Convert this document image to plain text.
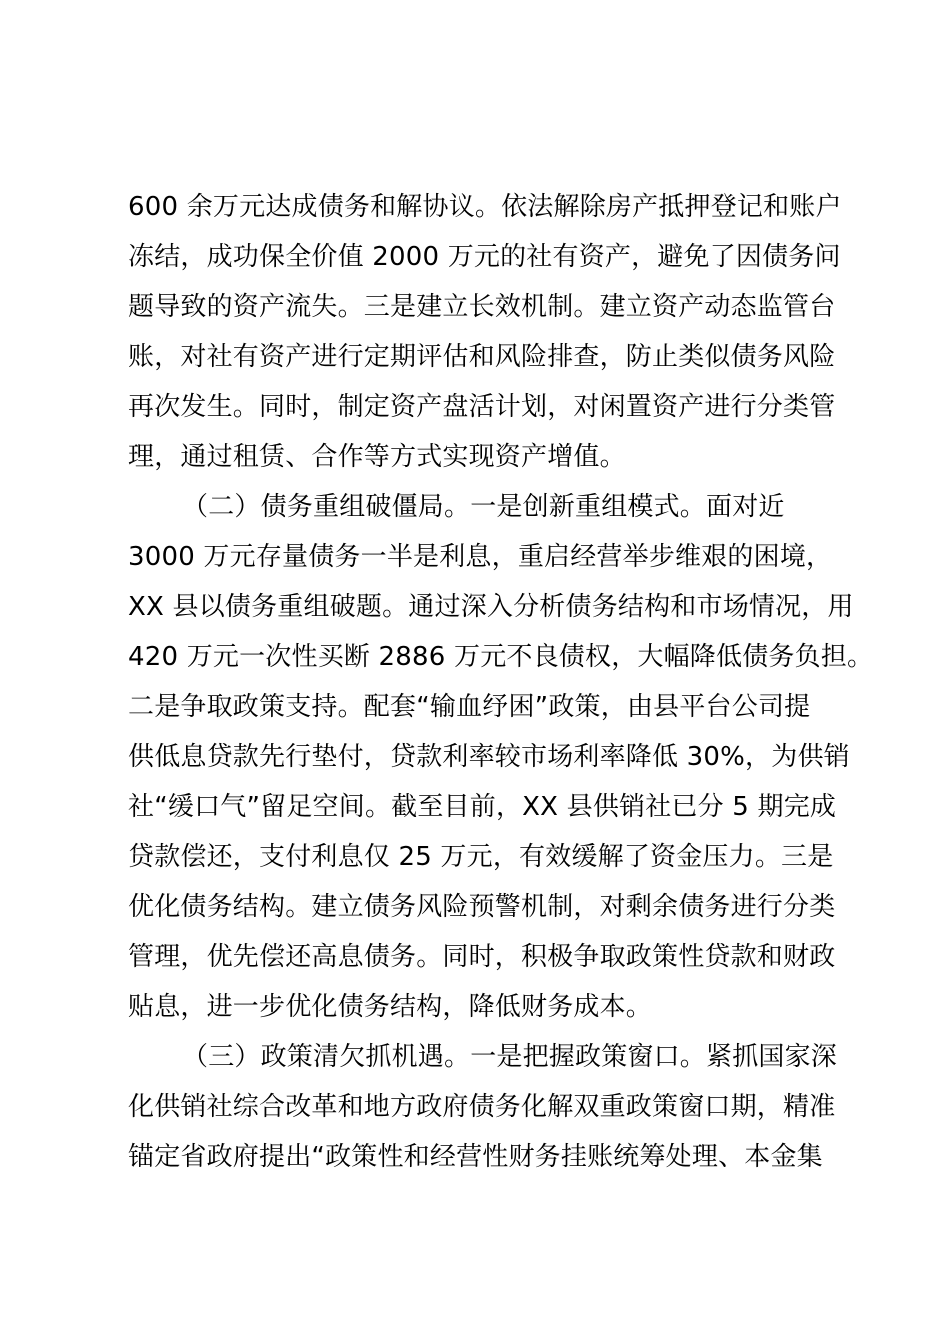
600 余万元达成债务和解协议。依法解除房产抵押登记和账户
冻结，成功保全价值 2000 万元的社有资产，避免了因债务问
题导致的资产流失。三是建立长效机制。建立资产动态监管台
账，对社有资产进行定期评估和风险排查，防止类似债务风险
再次发生。同时，制定资产盘活计划，对闲置资产进行分类管
理，通过租赁、合作等方式实现资产增值。
（二）债务重组破僵局。一是创新重组模式。面对近
3000 万元存量债务一半是利息，重启经营举步维艰的困境，
XX 县以债务重组破题。通过深入分析债务结构和市场情况，用
420 万元一次性买断 2886 万元不良债权，大幅降低债务负担。
二是争取政策支持。配套“输血纾困”政策，由县平台公司提
供低息贷款先行垫付，贷款利率较市场利率降低 30%，为供销
社“缓口气”留足空间。截至目前，XX 县供销社已分 5 期完成
贷款偿还，支付利息仅 25 万元，有效缓解了资金压力。三是
优化债务结构。建立债务风险预警机制，对剩余债务进行分类
管理，优先偿还高息债务。同时，积极争取政策性贷款和财政
贴息，进一步优化债务结构，降低财务成本。
（三）政策清欠抓机遇。一是把握政策窗口。紧抓国家深
化供销社综合改革和地方政府债务化解双重政策窗口期，精准
锚定省政府提出“政策性和经营性财务挂账统筹处理、本金集
